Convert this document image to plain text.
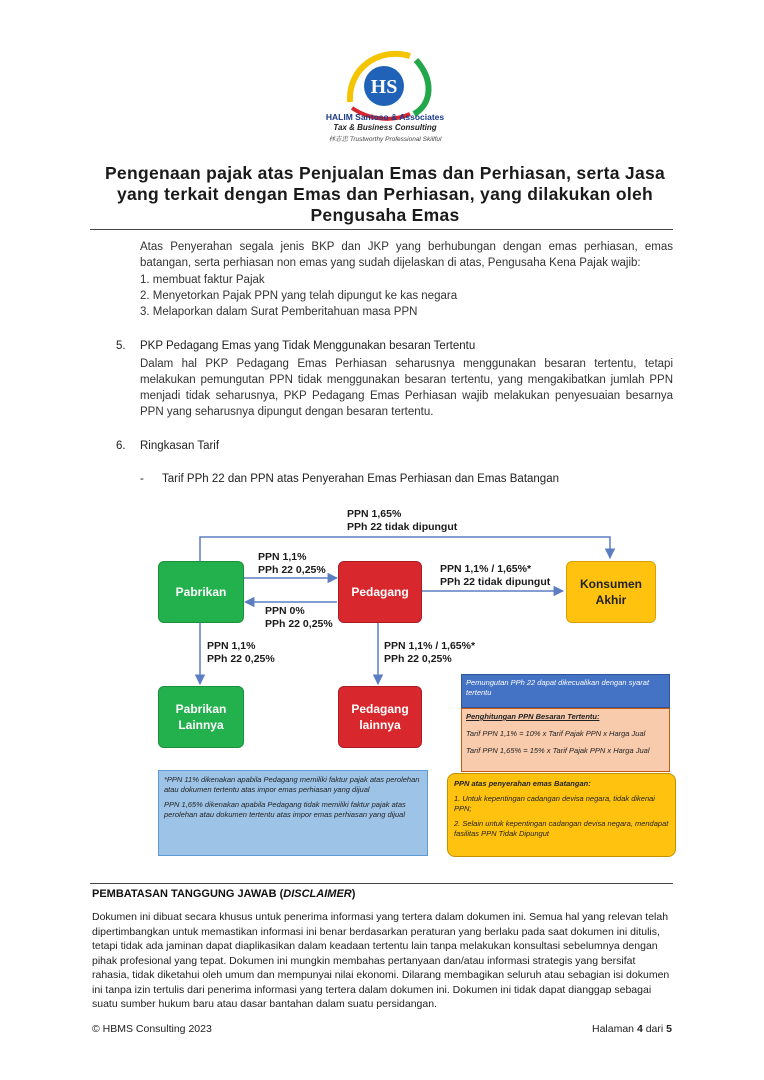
HS
HALIM Santoso & Associates
Tax & Business Consulting
林志忠 Trustworthy Professional Skillful
Pengenaan pajak atas Penjualan Emas dan Perhiasan, serta Jasa yang terkait dengan Emas dan Perhiasan, yang dilakukan oleh Pengusaha Emas
Atas Penyerahan segala jenis BKP dan JKP yang berhubungan dengan emas perhiasan, emas batangan, serta perhiasan non emas yang sudah dijelaskan di atas, Pengusaha Kena Pajak wajib:
1. membuat faktur Pajak
2. Menyetorkan Pajak PPN yang telah dipungut ke kas negara
3. Melaporkan dalam Surat Pemberitahuan masa PPN
5. PKP Pedagang Emas yang Tidak Menggunakan besaran Tertentu
Dalam hal PKP Pedagang Emas Perhiasan seharusnya menggunakan besaran tertentu, tetapi melakukan pemungutan PPN tidak menggunakan besaran tertentu, yang mengakibatkan jumlah PPN menjadi tidak seharusnya, PKP Pedagang Emas Perhiasan wajib melakukan penyesuaian besarnya PPN yang seharusnya dipungut dengan besaran tertentu.
6. Ringkasan Tarif
- Tarif PPh 22 dan PPN atas Penyerahan Emas Perhiasan dan Emas Batangan
Pabrikan	Pedagang
Konsumen Akhir
Pabrikan Lainnya
Pedagang lainnya
PPN 1,65%
PPh 22 tidak dipungut
PPN 1,1%
PPh 22 0,25%
PPN 0%
PPh 22 0,25%
PPN 1,1% / 1,65%*
PPh 22 tidak dipungut
PPN 1,1%
PPh 22 0,25%
PPN 1,1% / 1,65%*
PPh 22 0,25%
Pemungutan PPh 22 dapat dikecualikan dengan syarat tertentu
Penghitungan PPN Besaran Tertentu:
Tarif PPN 1,1% = 10% x Tarif Pajak PPN x Harga Jual
Tarif PPN 1,65% = 15% x Tarif Pajak PPN x Harga Jual
PPN atas penyerahan emas Batangan:
1. Untuk kepentingan cadangan devisa negara, tidak dikenai PPN;
2. Selain untuk kepentingan cadangan devisa negara, mendapat fasilitas PPN Tidak Dipungut
*PPN 11% dikenakan apabila Pedagang memiliki faktur pajak atas perolehan atau dokumen tertentu atas impor emas perhiasan yang dijual
PPN 1,65% dikenakan apabila Pedagang tidak memiliki faktur pajak atas perolehan atau dokumen tertentu atas impor emas perhiasan yang dijual
PEMBATASAN TANGGUNG JAWAB (DISCLAIMER)
Dokumen ini dibuat secara khusus untuk penerima informasi yang tertera dalam dokumen ini. Semua hal yang relevan telah dipertimbangkan untuk memastikan informasi ini benar berdasarkan peraturan yang berlaku pada saat dokumen ini ditulis, tetapi tidak ada jaminan dapat diaplikasikan dalam keadaan tertentu lain tanpa melakukan konsultasi sebelumnya dengan pihak profesional yang tepat. Dokumen ini mungkin membahas pertanyaan dan/atau informasi strategis yang bersifat rahasia, tidak diketahui oleh umum dan mempunyai nilai ekonomi. Dilarang membagikan seluruh atau sebagian isi dokumen ini tanpa izin tertulis dari penerima informasi yang tertera dalam dokumen ini. Dokumen ini tidak dapat dianggap sebagai suatu sumber hukum baru atau dasar bantahan dalam suatu persidangan.
© HBMS Consulting 2023	Halaman 4 dari 5
